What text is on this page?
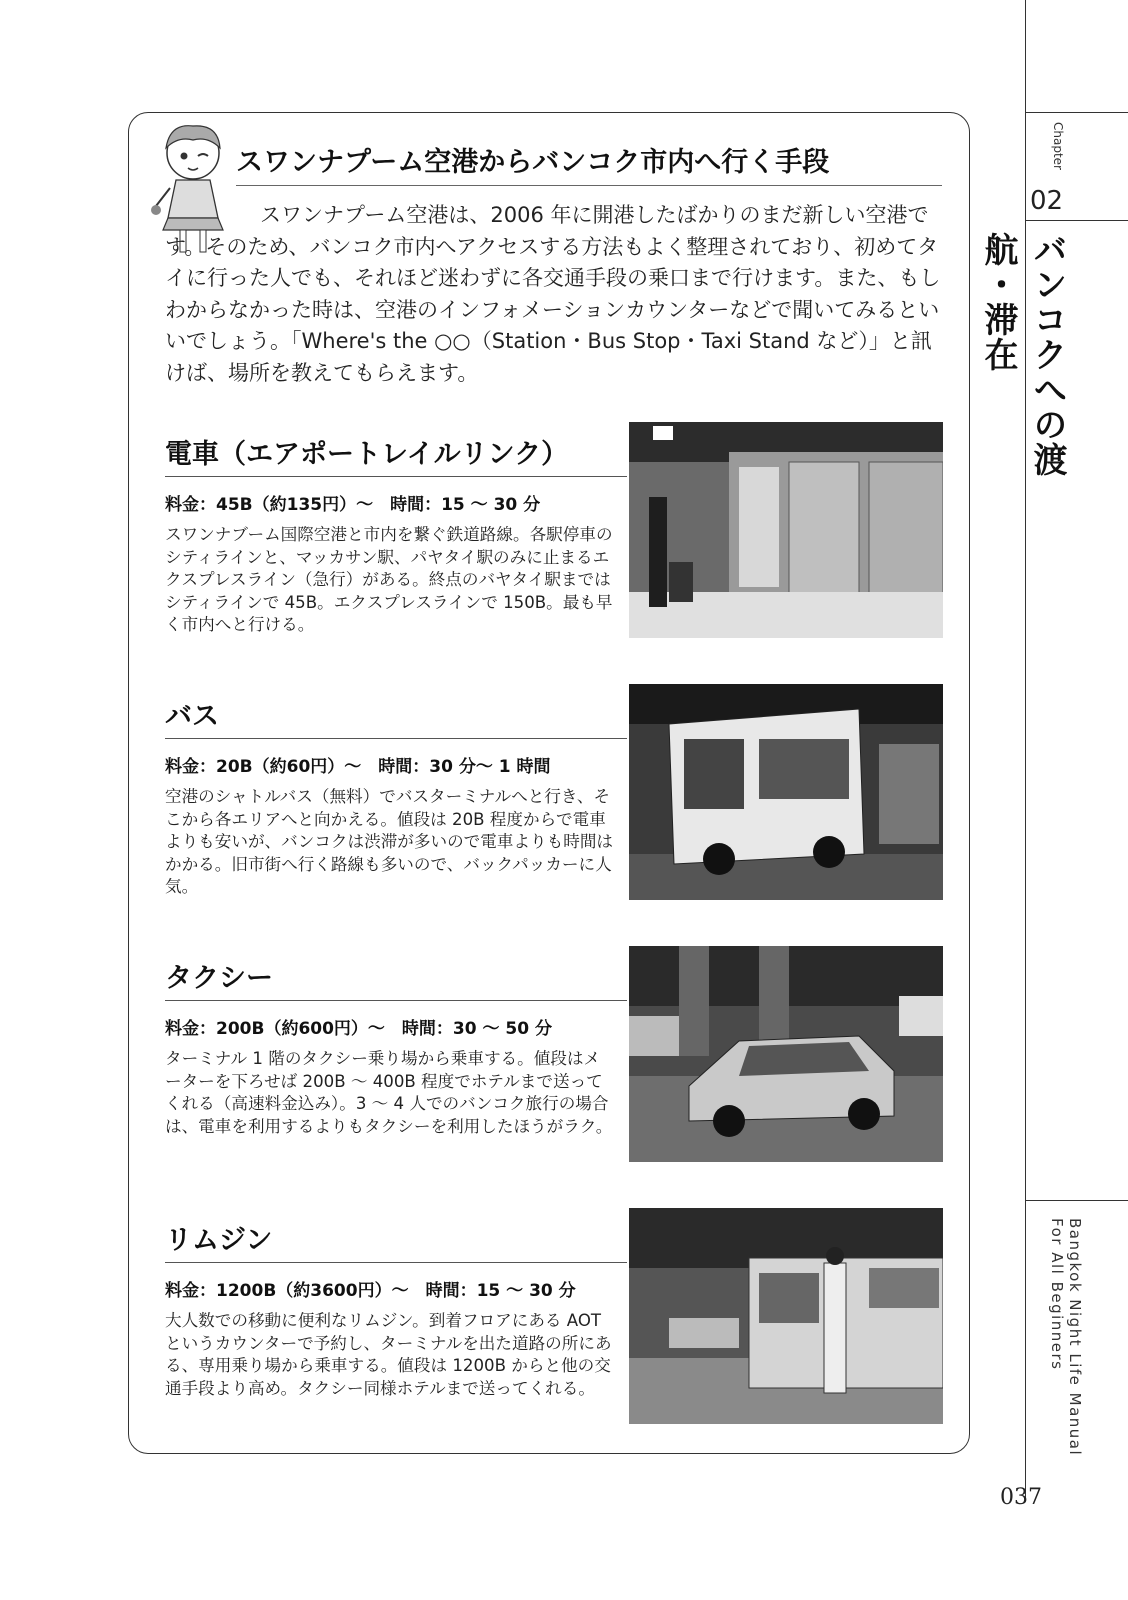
Chapter
02
バンコクへの渡航・滞在
Bangkok Night Life Manual
For All Beginners
037
スワンナプーム空港からバンコク市内へ行く手段

スワンナプーム空港は、2006 年に開港したばかりのまだ新しい空港です。そのため、バンコク市内へアクセスする方法もよく整理されており、初めてタイに行った人でも、それほど迷わずに各交通手段の乗口まで行けます。また、もしわからなかった時は、空港のインフォメーションカウンターなどで聞いてみるといいでしょう。「Where's the ○○（Station・Bus Stop・Taxi Stand など）」と訊けば、場所を教えてもらえます。

電車（エアポートレイルリンク）
料金：45B（約135円）～　時間：15 ～ 30 分

スワンナブーム国際空港と市内を繋ぐ鉄道路線。各駅停車のシティラインと、マッカサン駅、パヤタイ駅のみに止まるエクスプレスライン（急行）がある。終点のバヤタイ駅まではシティラインで 45B。エクスプレスラインで 150B。最も早く市内へと行ける。

バス
料金：20B（約60円）～　時間：30 分～ 1 時間

空港のシャトルバス（無料）でバスターミナルへと行き、そこから各エリアへと向かえる。値段は 20B 程度からで電車よりも安いが、バンコクは渋滞が多いので電車よりも時間はかかる。旧市街へ行く路線も多いので、バックパッカーに人気。

タクシー
料金：200B（約600円）～　時間：30 ～ 50 分

ターミナル 1 階のタクシー乗り場から乗車する。値段はメーターを下ろせば 200B ～ 400B 程度でホテルまで送ってくれる（高速料金込み）。3 ～ 4 人でのバンコク旅行の場合は、電車を利用するよりもタクシーを利用したほうがラク。

リムジン
料金：1200B（約3600円）～　時間：15 ～ 30 分

大人数での移動に便利なリムジン。到着フロアにある AOT というカウンターで予約し、ターミナルを出た道路の所にある、専用乗り場から乗車する。値段は 1200B からと他の交通手段より高め。タクシー同様ホテルまで送ってくれる。
